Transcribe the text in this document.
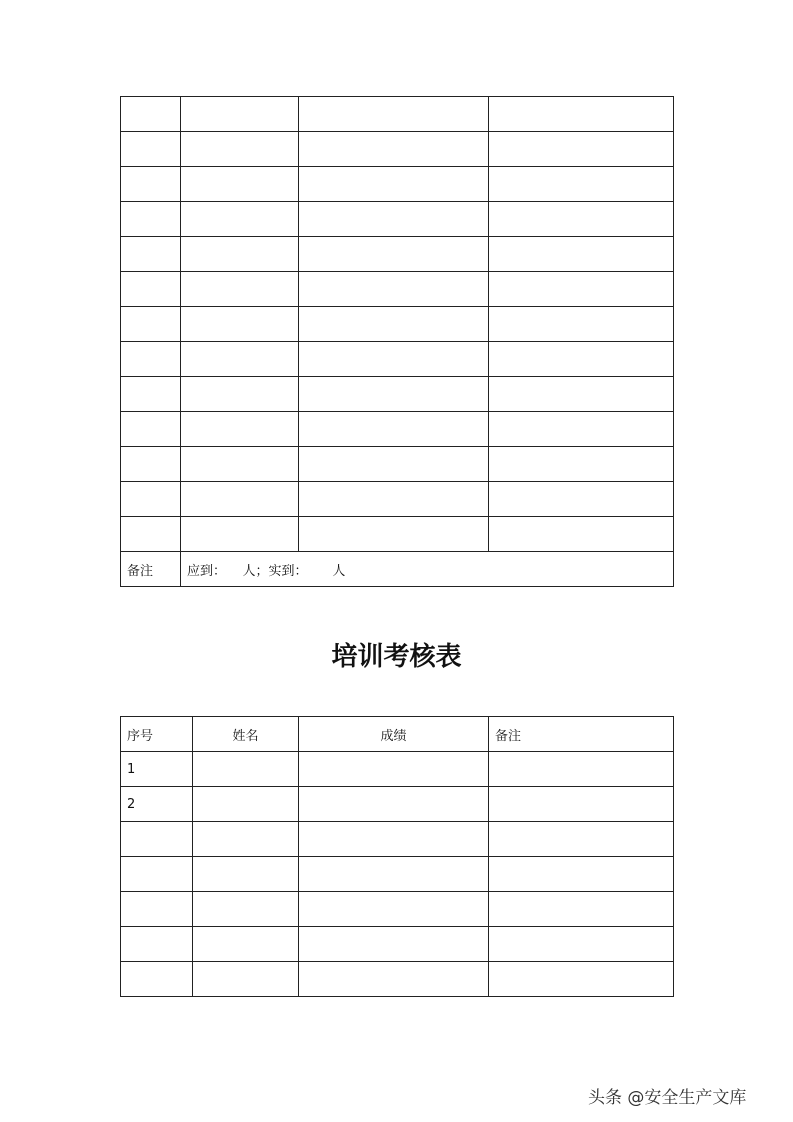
备注	应到：    人；实到：      人		
培训考核表
序号	姓名	成绩	备注
1			
2			

头条 @安全生产文库
